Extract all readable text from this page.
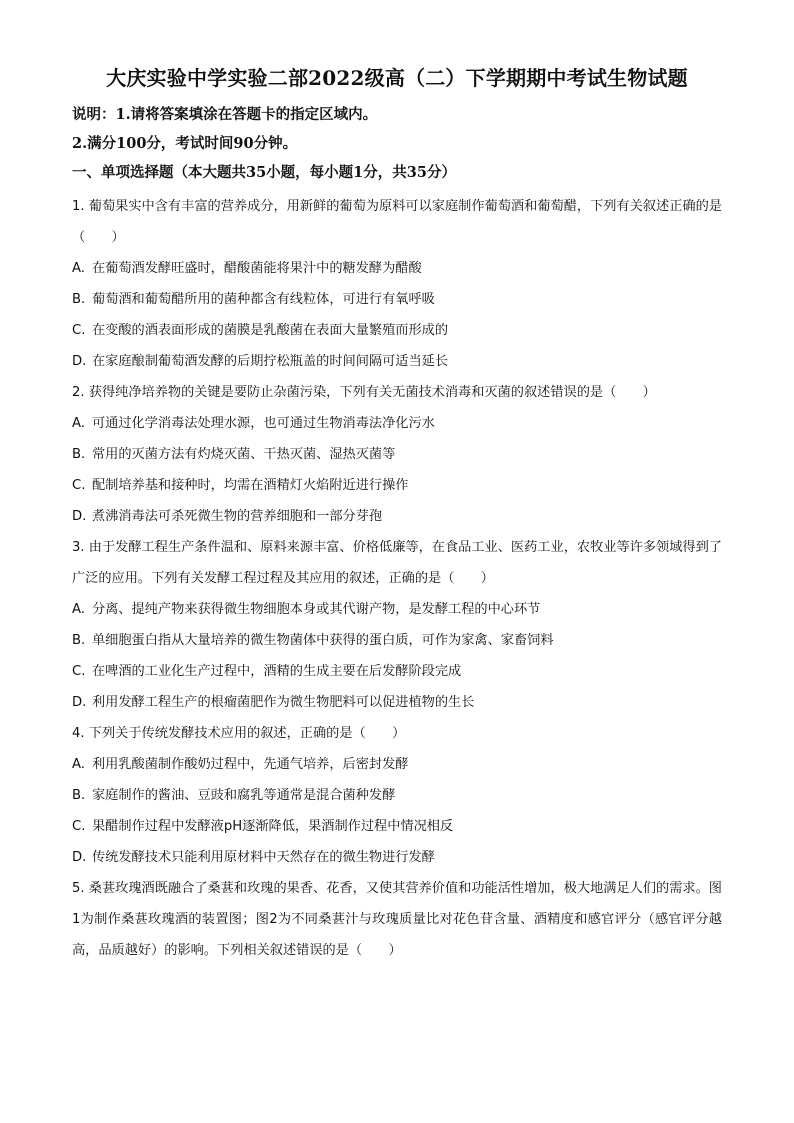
大庆实验中学实验二部2022级高（二）下学期期中考试生物试题
说明：1.请将答案填涂在答题卡的指定区域内。
2.满分100分，考试时间90分钟。
一、单项选择题（本大题共35小题，每小题1分，共35分）

1. 葡萄果实中含有丰富的营养成分，用新鲜的葡萄为原料可以家庭制作葡萄酒和葡萄醋，下列有关叙述正确的是（　　）

A. 在葡萄酒发酵旺盛时，醋酸菌能将果汁中的糖发酵为醋酸

B. 葡萄酒和葡萄醋所用的菌种都含有线粒体，可进行有氧呼吸

C. 在变酸的酒表面形成的菌膜是乳酸菌在表面大量繁殖而形成的

D. 在家庭酿制葡萄酒发酵的后期拧松瓶盖的时间间隔可适当延长

2. 获得纯净培养物的关键是要防止杂菌污染，下列有关无菌技术消毒和灭菌的叙述错误的是（　　）

A. 可通过化学消毒法处理水源，也可通过生物消毒法净化污水

B. 常用的灭菌方法有灼烧灭菌、干热灭菌、湿热灭菌等

C. 配制培养基和接种时，均需在酒精灯火焰附近进行操作

D. 煮沸消毒法可杀死微生物的营养细胞和一部分芽孢

3. 由于发酵工程生产条件温和、原料来源丰富、价格低廉等，在食品工业、医药工业，农牧业等许多领域得到了广泛的应用。下列有关发酵工程过程及其应用的叙述，正确的是（　　）

A. 分离、提纯产物来获得微生物细胞本身或其代谢产物，是发酵工程的中心环节

B. 单细胞蛋白指从大量培养的微生物菌体中获得的蛋白质，可作为家禽、家畜饲料

C. 在啤酒的工业化生产过程中，酒精的生成主要在后发酵阶段完成

D. 利用发酵工程生产的根瘤菌肥作为微生物肥料可以促进植物的生长

4. 下列关于传统发酵技术应用的叙述，正确的是（　　）

A. 利用乳酸菌制作酸奶过程中，先通气培养，后密封发酵

B. 家庭制作的酱油、豆豉和腐乳等通常是混合菌种发酵

C. 果醋制作过程中发酵液pH逐渐降低，果酒制作过程中情况相反

D. 传统发酵技术只能利用原材料中天然存在的微生物进行发酵

5. 桑葚玫瑰酒既融合了桑葚和玫瑰的果香、花香，又使其营养价值和功能活性增加，极大地满足人们的需求。图1为制作桑葚玫瑰酒的装置图；图2为不同桑葚汁与玫瑰质量比对花色苷含量、酒精度和感官评分（感官评分越高，品质越好）的影响。下列相关叙述错误的是（　　）
